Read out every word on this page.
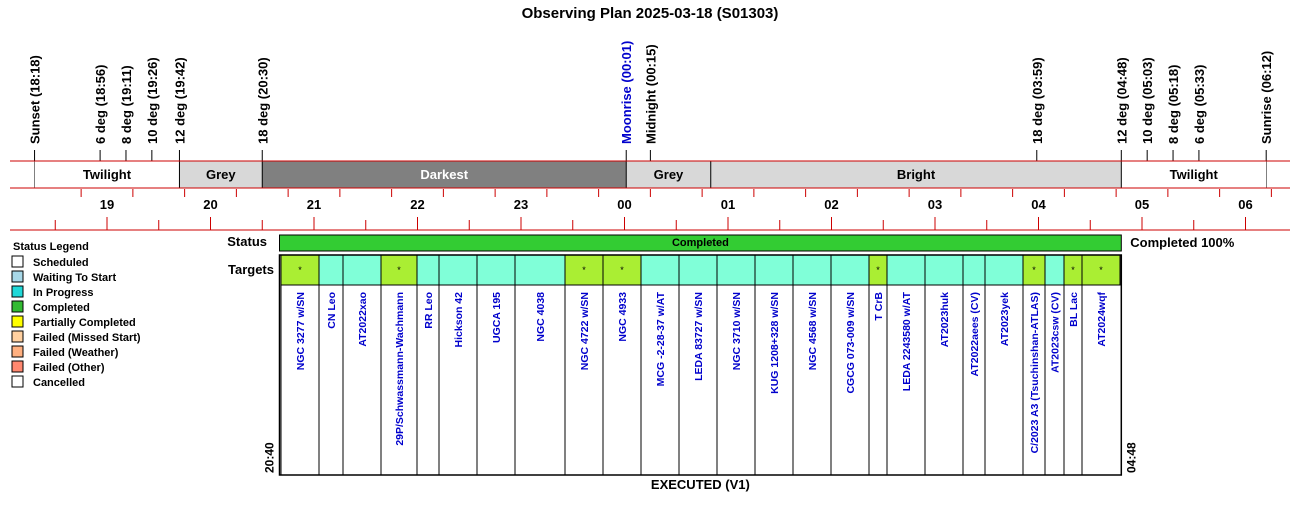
Observing Plan 2025-03-18 (S01303)
Sunset (18:18)	6 deg (18:56) 8 deg (19:11) 10 deg (19:26) 12 deg (19:42)	18 deg (20:30)	Moonrise (00:01) Midnight (00:15)	18 deg (03:59)	12 deg (04:48) 10 deg (05:03) 8 deg (05:18) 6 deg (05:33)	Sunrise (06:12)
Twilight	Grey	Darkest	Grey	Bright	Twilight
19	20	21	22	23	00	01	02	03	04	05	06
Status Legend
Scheduled
Waiting To Start
In Progress
Completed
Partially Completed
Failed (Missed Start)
Failed (Weather)
Failed (Other)
Cancelled
Status	Completed	Completed 100%
Targets	*
NGC 3277 w/SN CN Leo AT2022xao
*
29P/Schwassmann-Wachmann RR Leo Hickson 42 UGCA 195	NGC 4038
*
NGC 4722 w/SN
*
NGC 4933 MCG -2-28-37 w/AT LEDA 83727 w/SN NGC 3710 w/SN KUG 1208+328 w/SN NGC 4568 w/SN CGCG 073-009 w/SN
*
T CrB LEDA 2243580 w/AT AT2023huk AT2022aees (CV) AT2023yek
*
C/2023 A3 (Tsuchinshan-ATLAS) AT2023csw (CV)
*
BL Lac
*
AT2024wqf
20:40	04:48
EXECUTED (V1)
